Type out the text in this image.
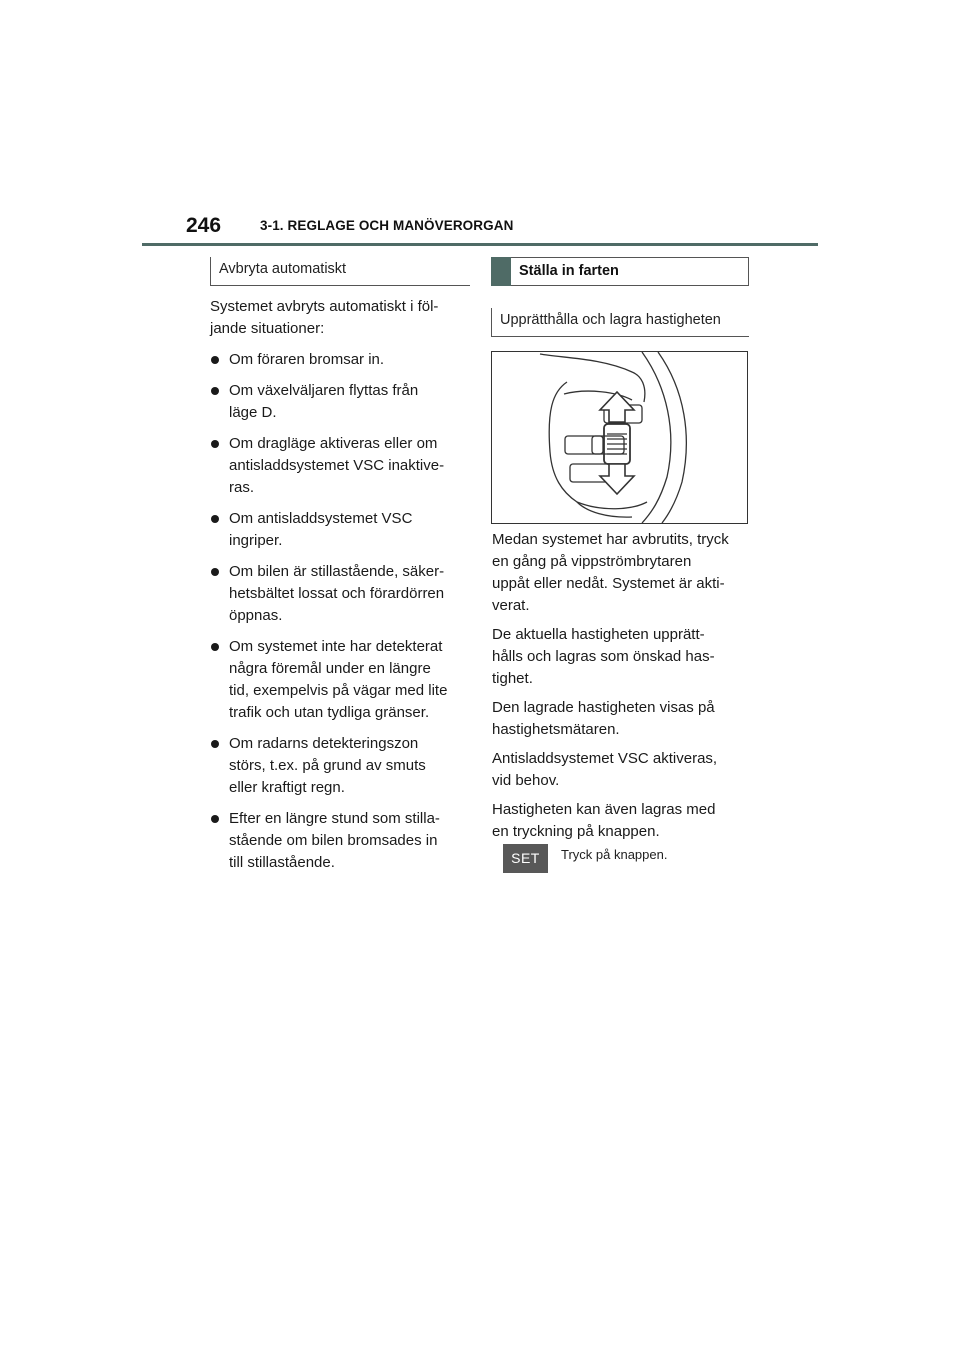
246	3-1. REGLAGE OCH MANÖVERORGAN
Avbryta automatiskt

Systemet avbryts automatiskt i föl-
jande situationer:

Om föraren bromsar in.
Om växelväljaren flyttas från
läge D.
Om dragläge aktiveras eller om
antisladdsystemet VSC inaktive-
ras.
Om antisladdsystemet VSC
ingriper.
Om bilen är stillastående, säker-
hetsbältet lossat och förardörren
öppnas.
Om systemet inte har detekterat
några föremål under en längre
tid, exempelvis på vägar med lite
trafik och utan tydliga gränser.
Om radarns detekteringszon
störs, t.ex. på grund av smuts
eller kraftigt regn.
Efter en längre stund som stilla-
stående om bilen bromsades in
till stillastående.
Ställa in farten
Upprätthålla och lagra hastigheten

Medan systemet har avbrutits, tryck
en gång på vippströmbrytaren
uppåt eller nedåt. Systemet är akti-
verat.

De aktuella hastigheten upprätt-
hålls och lagras som önskad has-
tighet.

Den lagrade hastigheten visas på
hastighetsmätaren.

Antisladdsystemet VSC aktiveras,
vid behov.

Hastigheten kan även lagras med
en tryckning på knappen.

SET	Tryck på knappen.
